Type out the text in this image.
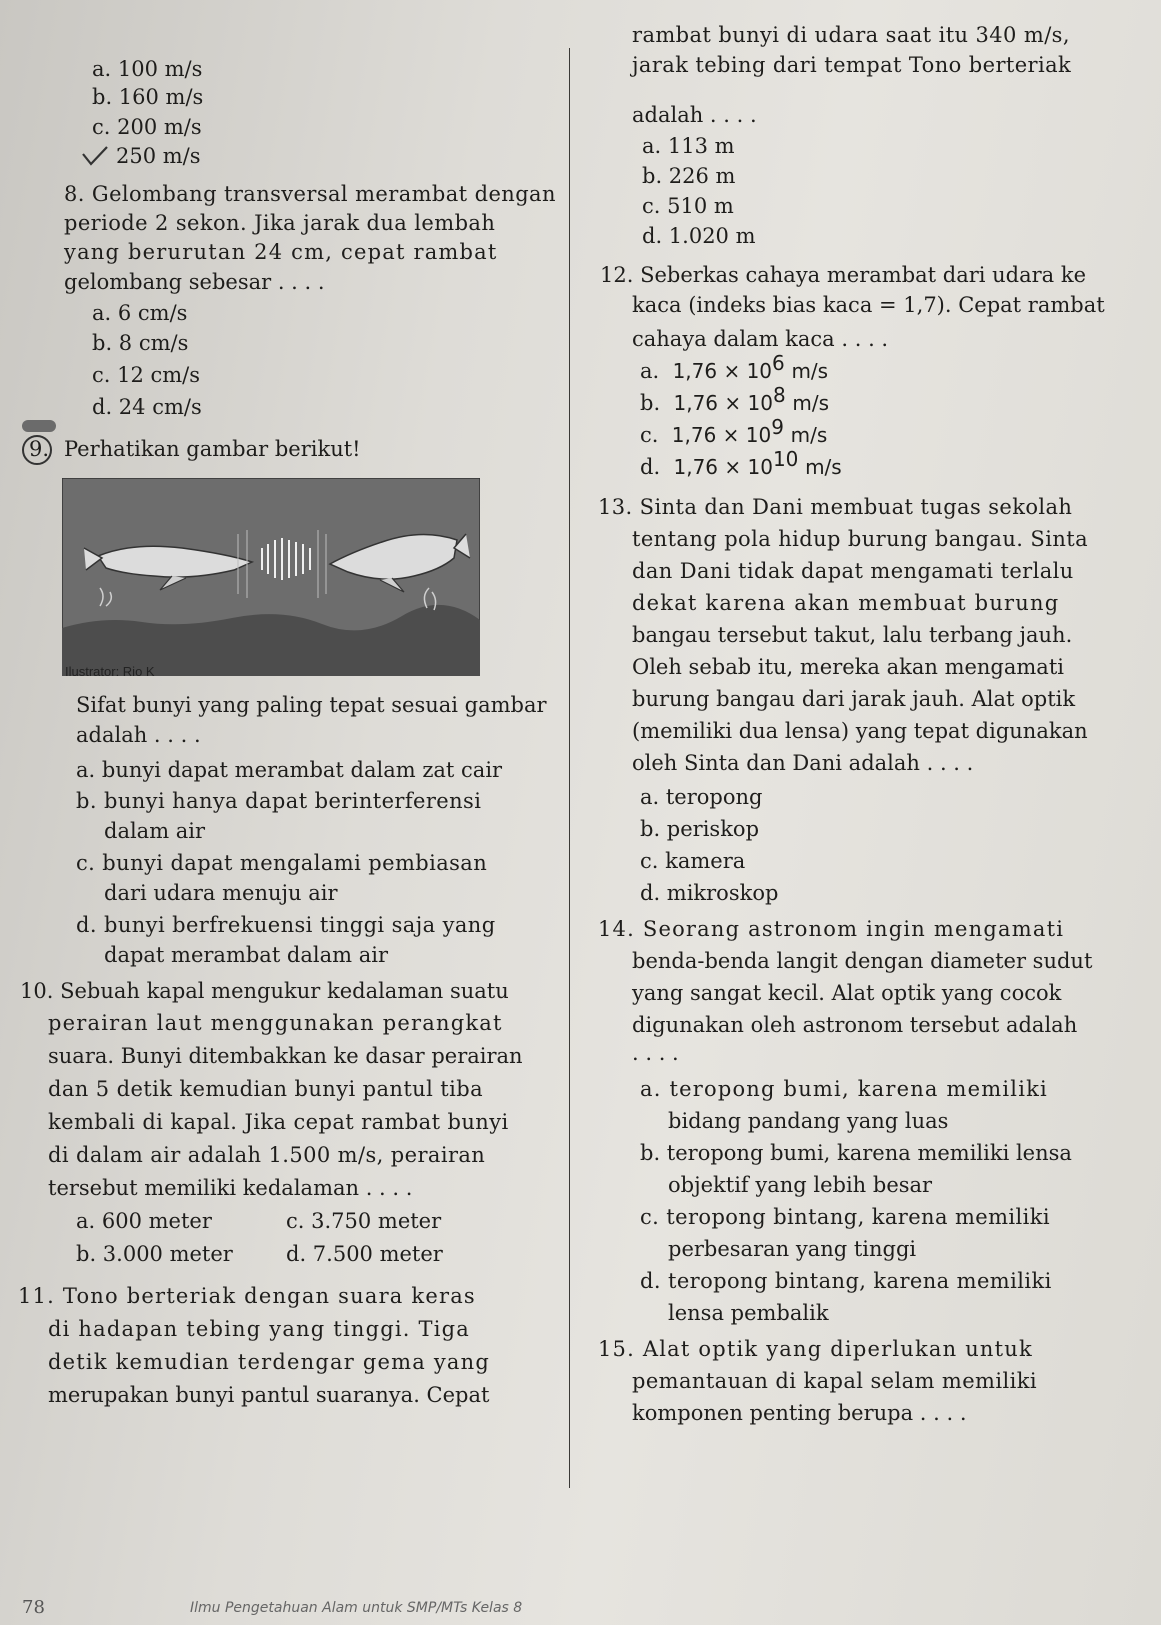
a. 100 m/s
b. 160 m/s
c. 200 m/s
250 m/s
8. Gelombang transversal merambat dengan
periode 2 sekon. Jika jarak dua lembah
yang berurutan 24 cm, cepat rambat
gelombang sebesar . . . .
a. 6 cm/s
b. 8 cm/s
c. 12 cm/s
d. 24 cm/s
9. Perhatikan gambar berikut!
Ilustrator: Rio K
Sifat bunyi yang paling tepat sesuai gambar
adalah . . . .
a. bunyi dapat merambat dalam zat cair
b. bunyi hanya dapat berinterferensi
dalam air
c. bunyi dapat mengalami pembiasan
dari udara menuju air
d. bunyi berfrekuensi tinggi saja yang
dapat merambat dalam air
10. Sebuah kapal mengukur kedalaman suatu
perairan laut menggunakan perangkat
suara. Bunyi ditembakkan ke dasar perairan
dan 5 detik kemudian bunyi pantul tiba
kembali di kapal. Jika cepat rambat bunyi
di dalam air adalah 1.500 m/s, perairan
tersebut memiliki kedalaman . . . .
a. 600 meter	c. 3.750 meter
b. 3.000 meter	d. 7.500 meter
11. Tono berteriak dengan suara keras
di hadapan tebing yang tinggi. Tiga
detik kemudian terdengar gema yang
merupakan bunyi pantul suaranya. Cepat
rambat bunyi di udara saat itu 340 m/s,
jarak tebing dari tempat Tono berteriak
adalah . . . .
a. 113 m
b. 226 m
c. 510 m
d. 1.020 m
12. Seberkas cahaya merambat dari udara ke
kaca (indeks bias kaca = 1,7). Cepat rambat
cahaya dalam kaca . . . .
a. $1,76 \times 10^6$ m/s
b. $1,76 \times 10^8$ m/s
c. $1,76 \times 10^9$ m/s
d. $1,76 \times 10^{10}$ m/s
13. Sinta dan Dani membuat tugas sekolah
tentang pola hidup burung bangau. Sinta
dan Dani tidak dapat mengamati terlalu
dekat karena akan membuat burung
bangau tersebut takut, lalu terbang jauh.
Oleh sebab itu, mereka akan mengamati
burung bangau dari jarak jauh. Alat optik
(memiliki dua lensa) yang tepat digunakan
oleh Sinta dan Dani adalah . . . .
a. teropong
b. periskop
c. kamera
d. mikroskop
14. Seorang astronom ingin mengamati
benda-benda langit dengan diameter sudut
yang sangat kecil. Alat optik yang cocok
digunakan oleh astronom tersebut adalah
. . . .
a. teropong bumi, karena memiliki
bidang pandang yang luas
b. teropong bumi, karena memiliki lensa
objektif yang lebih besar
c. teropong bintang, karena memiliki
perbesaran yang tinggi
d. teropong bintang, karena memiliki
lensa pembalik
15. Alat optik yang diperlukan untuk
pemantauan di kapal selam memiliki
komponen penting berupa . . . .
78	Ilmu Pengetahuan Alam untuk SMP/MTs Kelas 8
